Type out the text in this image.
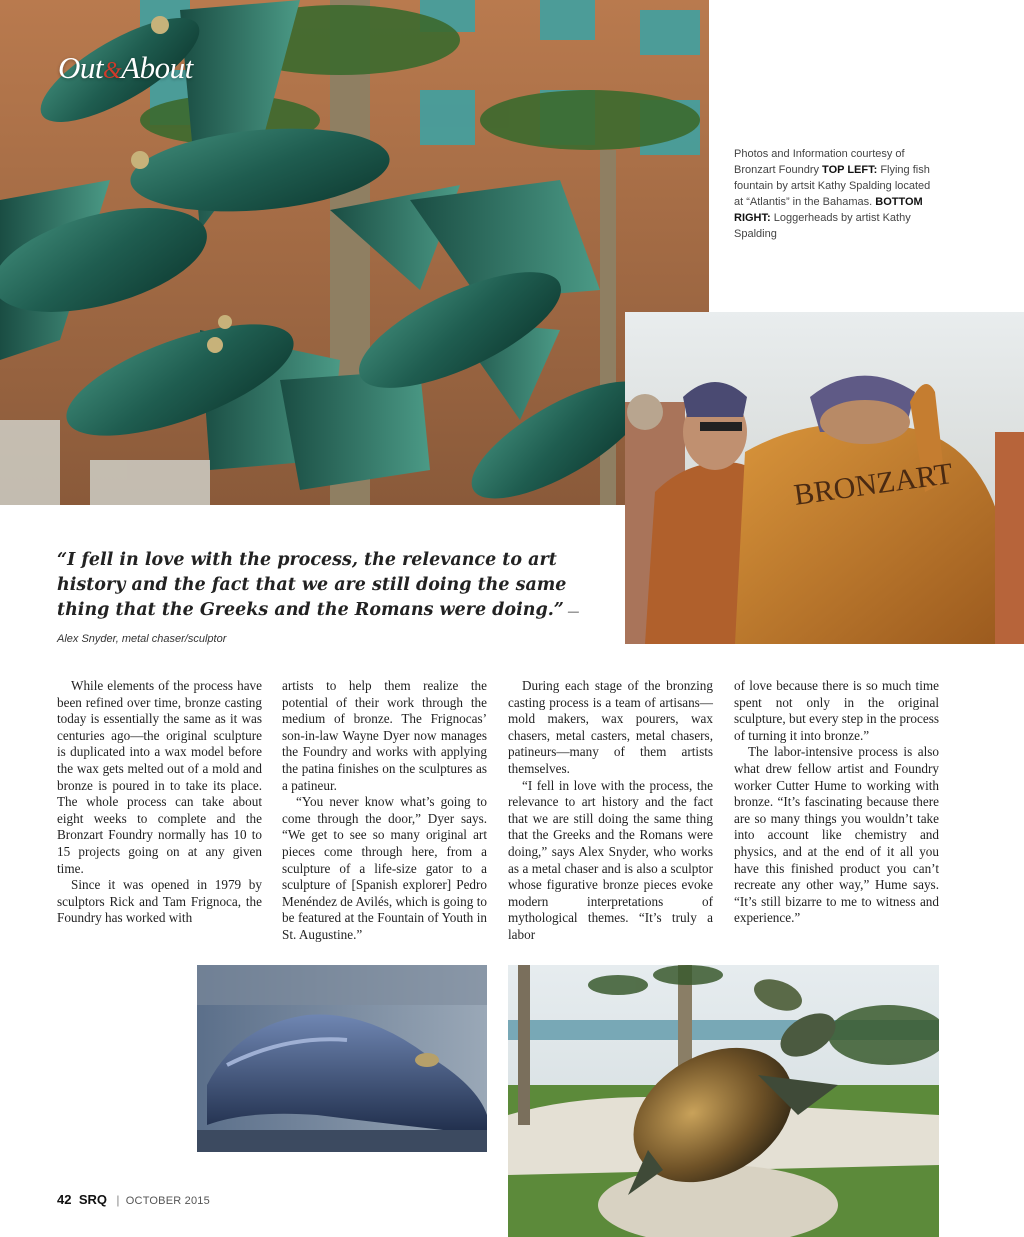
Out&About
Photos and Information courtesy of Bronzart Foundry TOP LEFT: Flying fish fountain by artsit Kathy Spalding located at “Atlantis” in the Bahamas. BOTTOM RIGHT: Loggerheads by artist Kathy Spalding
BRONZART
“I fell in love with the process, the relevance to art history and the fact that we are still doing the same thing that the Greeks and the Romans were doing.” — Alex Snyder, metal chaser/sculptor

While elements of the process have been refined over time, bronze casting today is essentially the same as it was centuries ago—the original sculpture is duplicated into a wax model before the wax gets melted out of a mold and bronze is poured in to take its place. The whole process can take about eight weeks to complete and the Bronzart Foundry normally has 10 to 15 projects going on at any given time.

Since it was opened in 1979 by sculptors Rick and Tam Frignoca, the Foundry has worked with

artists to help them realize the potential of their work through the medium of bronze. The Frignocas’ son-in-law Wayne Dyer now manages the Foundry and works with applying the patina finishes on the sculptures as a patineur.

“You never know what’s going to come through the door,” Dyer says. “We get to see so many original art pieces come through here, from a sculpture of a life-size gator to a sculpture of [Spanish explorer] Pedro Menéndez de Avilés, which is going to be featured at the Fountain of Youth in St. Augustine.”

During each stage of the bronzing casting process is a team of artisans—mold makers, wax pourers, wax chasers, metal casters, metal chasers, patineurs—many of them artists themselves.

“I fell in love with the process, the relevance to art history and the fact that we are still doing the same thing that the Greeks and the Romans were doing,” says Alex Snyder, who works as a metal chaser and is also a sculptor whose figurative bronze pieces evoke modern interpretations of mythological themes. “It’s truly a labor

of love because there is so much time spent not only in the original sculpture, but every step in the process of turning it into bronze.”

The labor-intensive process is also what drew fellow artist and Foundry worker Cutter Hume to working with bronze. “It’s fascinating because there are so many things you wouldn’t take into account like chemistry and physics, and at the end of it all you have this finished product you can’t recreate any other way,” Hume says. “It’s still bizarre to me to witness and experience.”

42 SRQ | OCTOBER 2015
